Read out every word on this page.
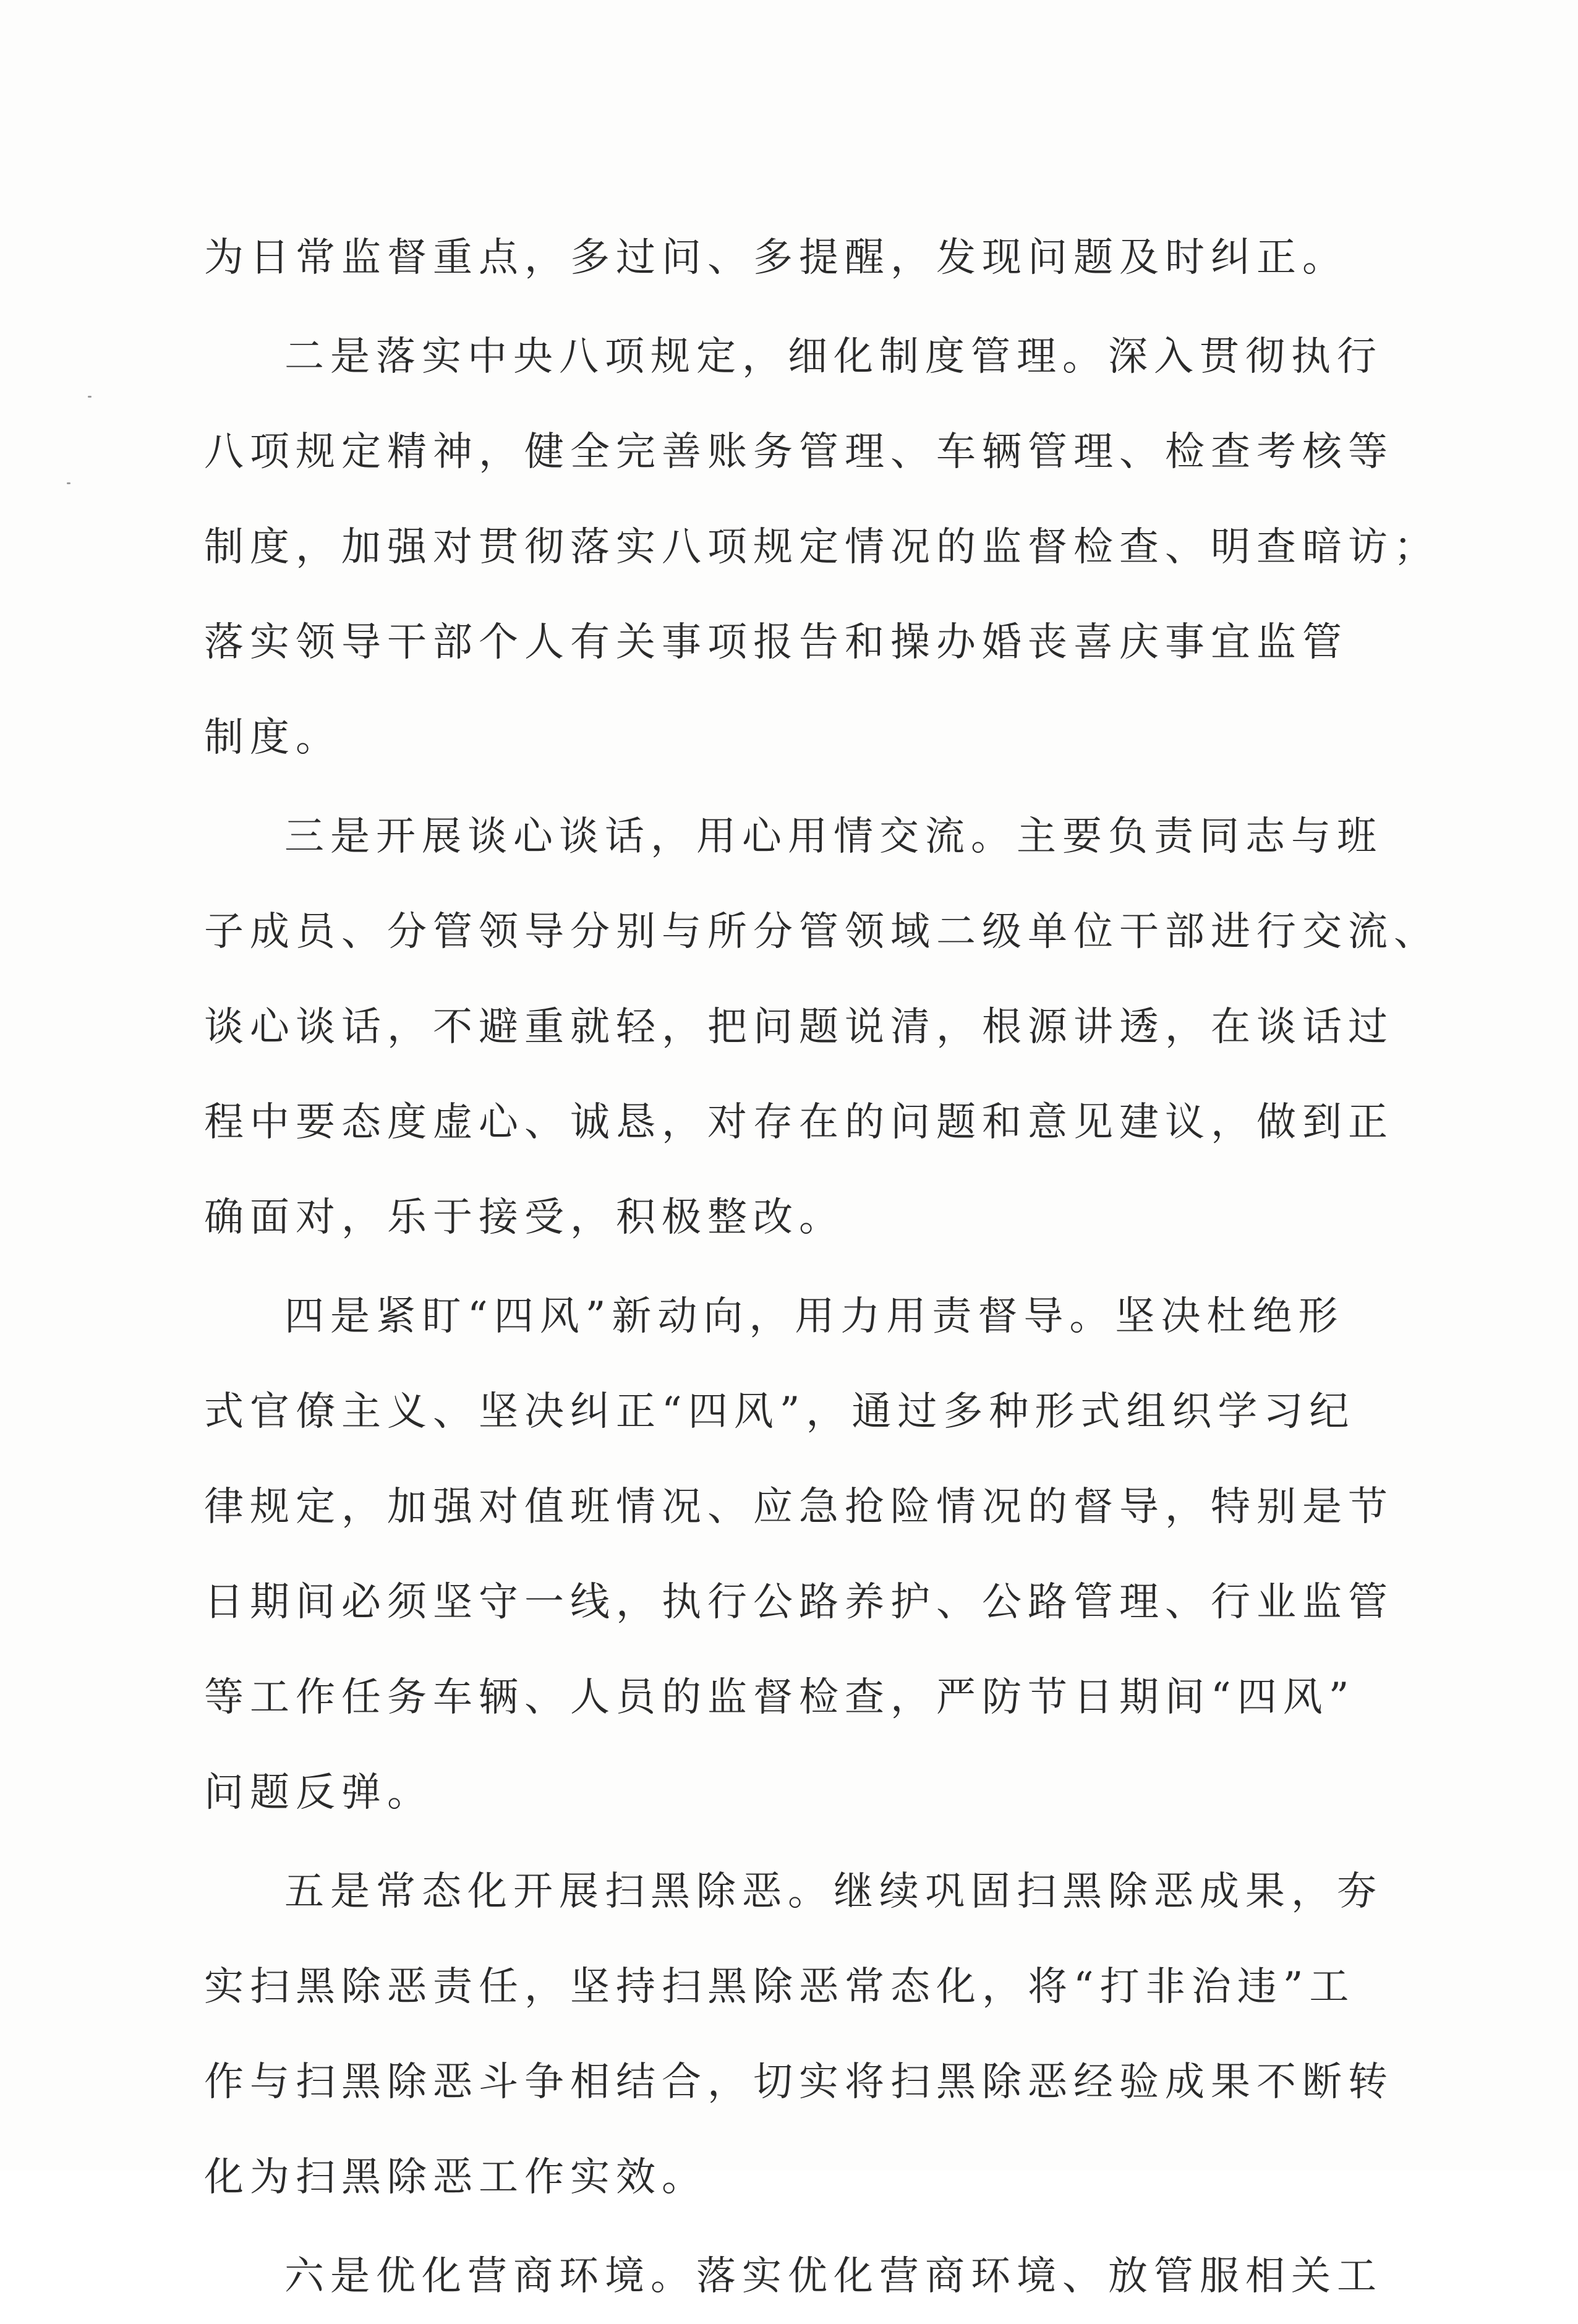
为日常监督重点，多过问、多提醒，发现问题及时纠正。
二是落实中央八项规定，细化制度管理。深入贯彻执行
八项规定精神，健全完善账务管理、车辆管理、检查考核等
制度，加强对贯彻落实八项规定情况的监督检查、明查暗访；
落实领导干部个人有关事项报告和操办婚丧喜庆事宜监管
制度。
三是开展谈心谈话，用心用情交流。主要负责同志与班
子成员、分管领导分别与所分管领域二级单位干部进行交流、
谈心谈话，不避重就轻，把问题说清，根源讲透，在谈话过
程中要态度虚心、诚恳，对存在的问题和意见建议，做到正
确面对，乐于接受，积极整改。
四是紧盯“四风”新动向，用力用责督导。坚决杜绝形
式官僚主义、坚决纠正“四风”，通过多种形式组织学习纪
律规定，加强对值班情况、应急抢险情况的督导，特别是节
日期间必须坚守一线，执行公路养护、公路管理、行业监管
等工作任务车辆、人员的监督检查，严防节日期间“四风”
问题反弹。
五是常态化开展扫黑除恶。继续巩固扫黑除恶成果，夯
实扫黑除恶责任，坚持扫黑除恶常态化，将“打非治违”工
作与扫黑除恶斗争相结合，切实将扫黑除恶经验成果不断转
化为扫黑除恶工作实效。
六是优化营商环境。落实优化营商环境、放管服相关工
